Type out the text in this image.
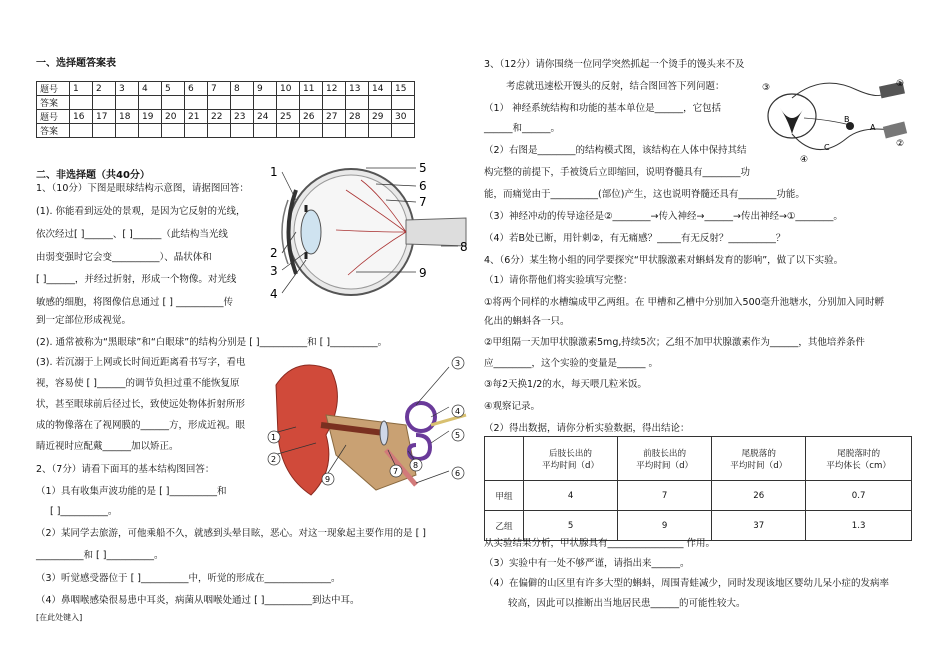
一、选择题答案表
题号	1	2	3	4	5	6	7	8	9	10	11	12	13	14	15
答案															
题号	16	17	18	19	20	21	22	23	24	25	26	27	28	29	30
答案															
二、非选择题（共40分）
1、（10分）下图是眼球结构示意图，请据图回答：
(1). 你能看到远处的景观，是因为它反射的光线，
依次经过[ ]______、[ ]______（此结构当光线
由弱变强时它会变__________）、晶状体和
[ ]______，并经过折射，形成一个物像。对光线
敏感的细胞，将图像信息通过 [ ] __________传
到一定部位形成视觉。
(2). 通常被称为“黑眼球”和“白眼球”的结构分别是 [ ]__________和 [ ]__________。
(3). 若沉溺于上网或长时间近距离看书写字，看电
视，容易使 [ ]______的调节负担过重不能恢复原
状，甚至眼球前后径过长，致使远处物体折射所形
成的物像落在了视网膜的______方，形成近视。眼
睛近视时应配戴______加以矫正。
1
2
3
4
5
6
7
8
9
1
2
3
4
5
6
7
8
9
2、（7分）请看下面耳的基本结构图回答：
（1）具有收集声波功能的是 [ ]__________和
[ ]__________。
（2）某同学去旅游，可他乘船不久，就感到头晕目眩，恶心。对这一现象起主要作用的是 [ ]
__________和 [ ]__________。
（3）听觉感受器位于 [ ]__________中，听觉的形成在______________。
（4）鼻咽喉感染很易患中耳炎，病菌从咽喉处通过 [ ]__________到达中耳。
[在此处键入]
3、（12分）请你围绕一位同学突然抓起一个烫手的馒头来不及
考虑就迅速松开馒头的反射，结合图回答下列问题：
（1） 神经系统结构和功能的基本单位是______，它包括
______和______。
（2）右图是________的结构模式图，该结构在人体中保持其结
构完整的前提下，手被烫后立即缩回，说明脊髓具有________功
能，而痛觉由于__________(部位)产生，这也说明脊髓还具有________功能。
（3）神经冲动的传导途径是②________→传入神经→______→传出神经→①________。
（4）若B处已断，用针刺②，有无痛感？_____有无反射？__________？
①
②
③
④
B
A
C
4、（6分）某生物小组的同学要探究“甲状腺激素对蝌蚪发育的影响”，做了以下实验。
（1）请你帮他们将实验填写完整：
①将两个同样的水槽编成甲乙两组。在 甲槽和乙槽中分别加入500毫升池塘水，分别加入同时孵
化出的蝌蚪各一只。
②甲组隔一天加甲状腺激素5mg,持续5次；乙组不加甲状腺激素作为______，其他培养条件
应________，这个实验的变量是______ 。
③每2天换1/2的水，每天喂几粒米饭。
④观察记录。
（2）得出数据，请你分析实验数据，得出结论：
	后肢长出的
平均时间（d）	前肢长出的
平均时间（d）	尾脱落的
平均时间（d）	尾脱落时的
平均体长（cm）
甲组	4	7	26	0.7
乙组	5	9	37	1.3
从实验结果分析，甲状腺具有________________ 作用。
（3）实验中有一处不够严谨，请指出来______。
（4）在偏僻的山区里有许多大型的蝌蚪，周围青蛙减少，同时发现该地区婴幼儿呆小症的发病率
较高，因此可以推断出当地居民患______的可能性较大。
